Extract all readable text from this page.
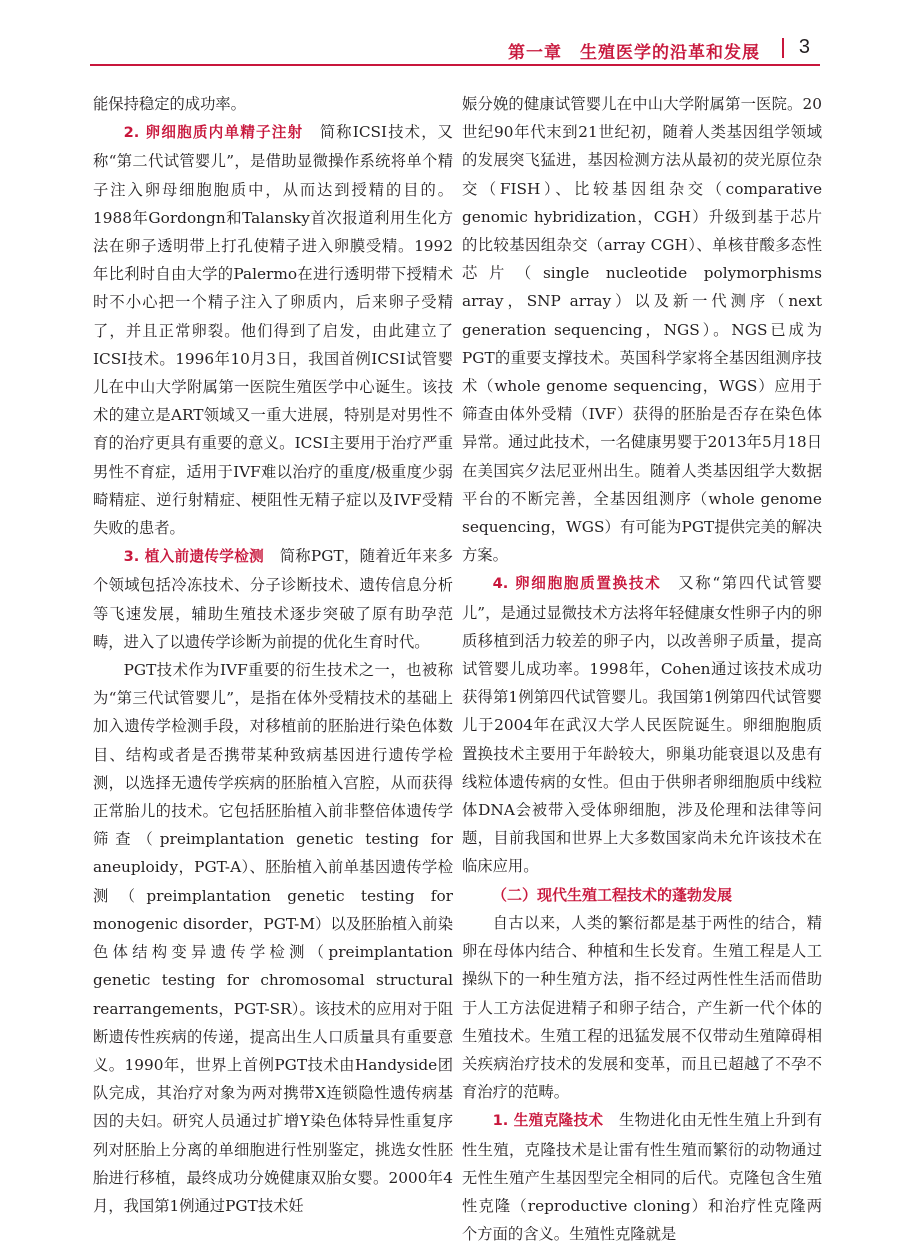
第一章　生殖医学的沿革和发展 3

能保持稳定的成功率。

2. 卵细胞质内单精子注射　 简称ICSI技术，又称“第二代试管婴儿”，是借助显微操作系统将单个精子注入卵母细胞胞质中，从而达到授精的目的。1988年Gordongn和Talansky首次报道利用生化方法在卵子透明带上打孔使精子进入卵膜受精。1992年比利时自由大学的Palermo在进行透明带下授精术时不小心把一个精子注入了卵质内，后来卵子受精了，并且正常卵裂。他们得到了启发，由此建立了ICSI技术。1996年10月3日，我国首例ICSI试管婴儿在中山大学附属第一医院生殖医学中心诞生。该技术的建立是ART领域又一重大进展，特别是对男性不育的治疗更具有重要的意义。ICSI主要用于治疗严重男性不育症，适用于IVF难以治疗的重度/极重度少弱畸精症、逆行射精症、梗阻性无精子症以及IVF受精失败的患者。

3. 植入前遗传学检测　 简称PGT，随着近年来多个领域包括冷冻技术、分子诊断技术、遗传信息分析等飞速发展，辅助生殖技术逐步突破了原有助孕范畴，进入了以遗传学诊断为前提的优化生育时代。

PGT技术作为IVF重要的衍生技术之一，也被称为“第三代试管婴儿”，是指在体外受精技术的基础上加入遗传学检测手段，对移植前的胚胎进行染色体数目、结构或者是否携带某种致病基因进行遗传学检测，以选择无遗传学疾病的胚胎植入宫腔，从而获得正常胎儿的技术。它包括胚胎植入前非整倍体遗传学筛查（preimplantation genetic testing for aneuploidy，PGT-A）、胚胎植入前单基因遗传学检测（preimplantation genetic testing for monogenic disorder，PGT-M）以及胚胎植入前染色体结构变异遗传学检测（preimplantation genetic testing for chromosomal structural rearrangements，PGT-SR）。该技术的应用对于阻断遗传性疾病的传递，提高出生人口质量具有重要意义。1990年，世界上首例PGT技术由Handyside团队完成，其治疗对象为两对携带X连锁隐性遗传病基因的夫妇。研究人员通过扩增Y染色体特异性重复序列对胚胎上分离的单细胞进行性别鉴定，挑选女性胚胎进行移植，最终成功分娩健康双胎女婴。2000年4月，我国第1例通过PGT技术妊

娠分娩的健康试管婴儿在中山大学附属第一医院。20世纪90年代末到21世纪初，随着人类基因组学领域的发展突飞猛进，基因检测方法从最初的荧光原位杂交（FISH）、比较基因组杂交（comparative genomic hybridization，CGH）升级到基于芯片的比较基因组杂交（array CGH）、单核苷酸多态性芯片（single nucleotide polymorphisms array，SNP array）以及新一代测序（next generation sequencing，NGS）。NGS已成为PGT的重要支撑技术。英国科学家将全基因组测序技术（whole genome sequencing，WGS）应用于筛查由体外受精（IVF）获得的胚胎是否存在染色体异常。通过此技术，一名健康男婴于2013年5月18日在美国宾夕法尼亚州出生。随着人类基因组学大数据平台的不断完善，全基因组测序（whole genome sequencing，WGS）有可能为PGT提供完美的解决方案。

4. 卵细胞胞质置换技术　 又称“第四代试管婴儿”，是通过显微技术方法将年轻健康女性卵子内的卵质移植到活力较差的卵子内，以改善卵子质量，提高试管婴儿成功率。1998年，Cohen通过该技术成功获得第1例第四代试管婴儿。我国第1例第四代试管婴儿于2004年在武汉大学人民医院诞生。卵细胞胞质置换技术主要用于年龄较大，卵巢功能衰退以及患有线粒体遗传病的女性。但由于供卵者卵细胞质中线粒体DNA会被带入受体卵细胞，涉及伦理和法律等问题，目前我国和世界上大多数国家尚未允许该技术在临床应用。

（二）现代生殖工程技术的蓬勃发展

自古以来，人类的繁衍都是基于两性的结合，精卵在母体内结合、种植和生长发育。生殖工程是人工操纵下的一种生殖方法，指不经过两性性生活而借助于人工方法促进精子和卵子结合，产生新一代个体的生殖技术。生殖工程的迅猛发展不仅带动生殖障碍相关疾病治疗技术的发展和变革，而且已超越了不孕不育治疗的范畴。

1. 生殖克隆技术　 生物进化由无性生殖上升到有性生殖，克隆技术是让雷有性生殖而繁衍的动物通过无性生殖产生基因型完全相同的后代。克隆包含生殖性克隆（reproductive cloning）和治疗性克隆两个方面的含义。生殖性克隆就是
